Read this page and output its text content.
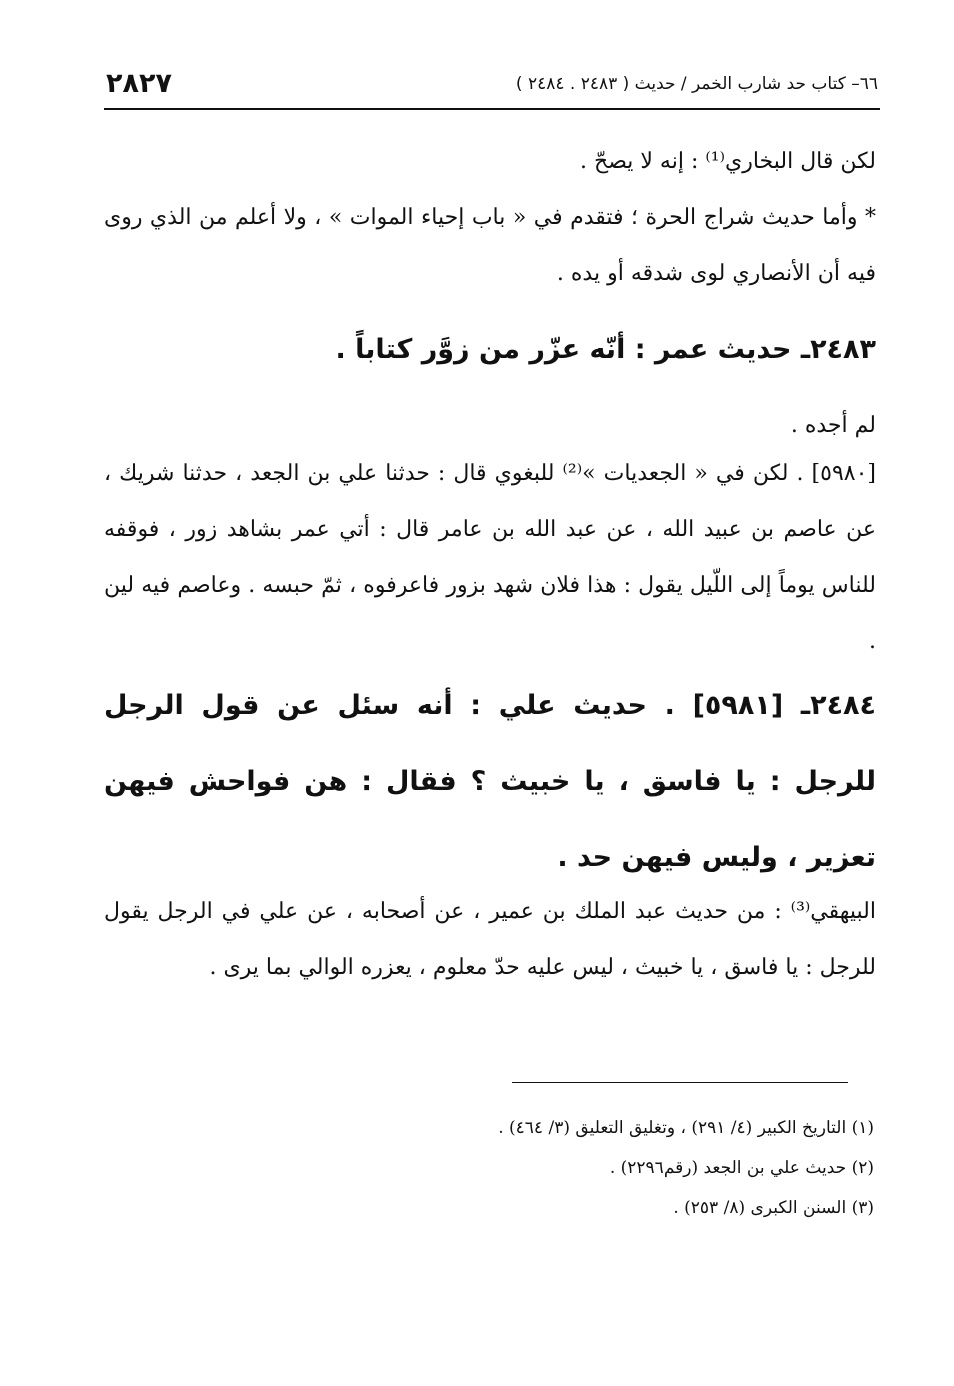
٢٨٢٧	٦٦– كتاب حد شارب الخمر / حديث ( ٢٤٨٣ . ٢٤٨٤ )
لكن قال البخاري⁽¹⁾ : إنه لا يصحّ .
* وأما حديث شراج الحرة ؛ فتقدم في « باب إحياء الموات » ، ولا أعلم من الذي روى فيه أن الأنصاري لوى شدقه أو يده .
٢٤٨٣ـ حديث عمر : أنّه عزّر من زوَّر كتاباً .
لم أجده .
[٥٩٨٠] . لكن في « الجعديات »⁽²⁾ للبغوي قال : حدثنا علي بن الجعد ، حدثنا شريك ، عن عاصم بن عبيد الله ، عن عبد الله بن عامر قال : أتي عمر بشاهد زور ، فوقفه للناس يوماً إلى اللّيل يقول : هذا فلان شهد بزور فاعرفوه ، ثمّ حبسه . وعاصم فيه لين .
٢٤٨٤ـ [٥٩٨١] . حديث علي : أنه سئل عن قول الرجل للرجل : يا فاسق ، يا خبيث ؟ فقال : هن فواحش فيهن تعزير ، وليس فيهن حد .
البيهقي⁽³⁾ : من حديث عبد الملك بن عمير ، عن أصحابه ، عن علي في الرجل يقول للرجل : يا فاسق ، يا خبيث ، ليس عليه حدّ معلوم ، يعزره الوالي بما يرى .
(١) التاريخ الكبير (٤/ ٢٩١) ، وتغليق التعليق (٣/ ٤٦٤) .
(٢) حديث علي بن الجعد (رقم٢٢٩٦) .
(٣) السنن الكبرى (٨/ ٢٥٣) .
